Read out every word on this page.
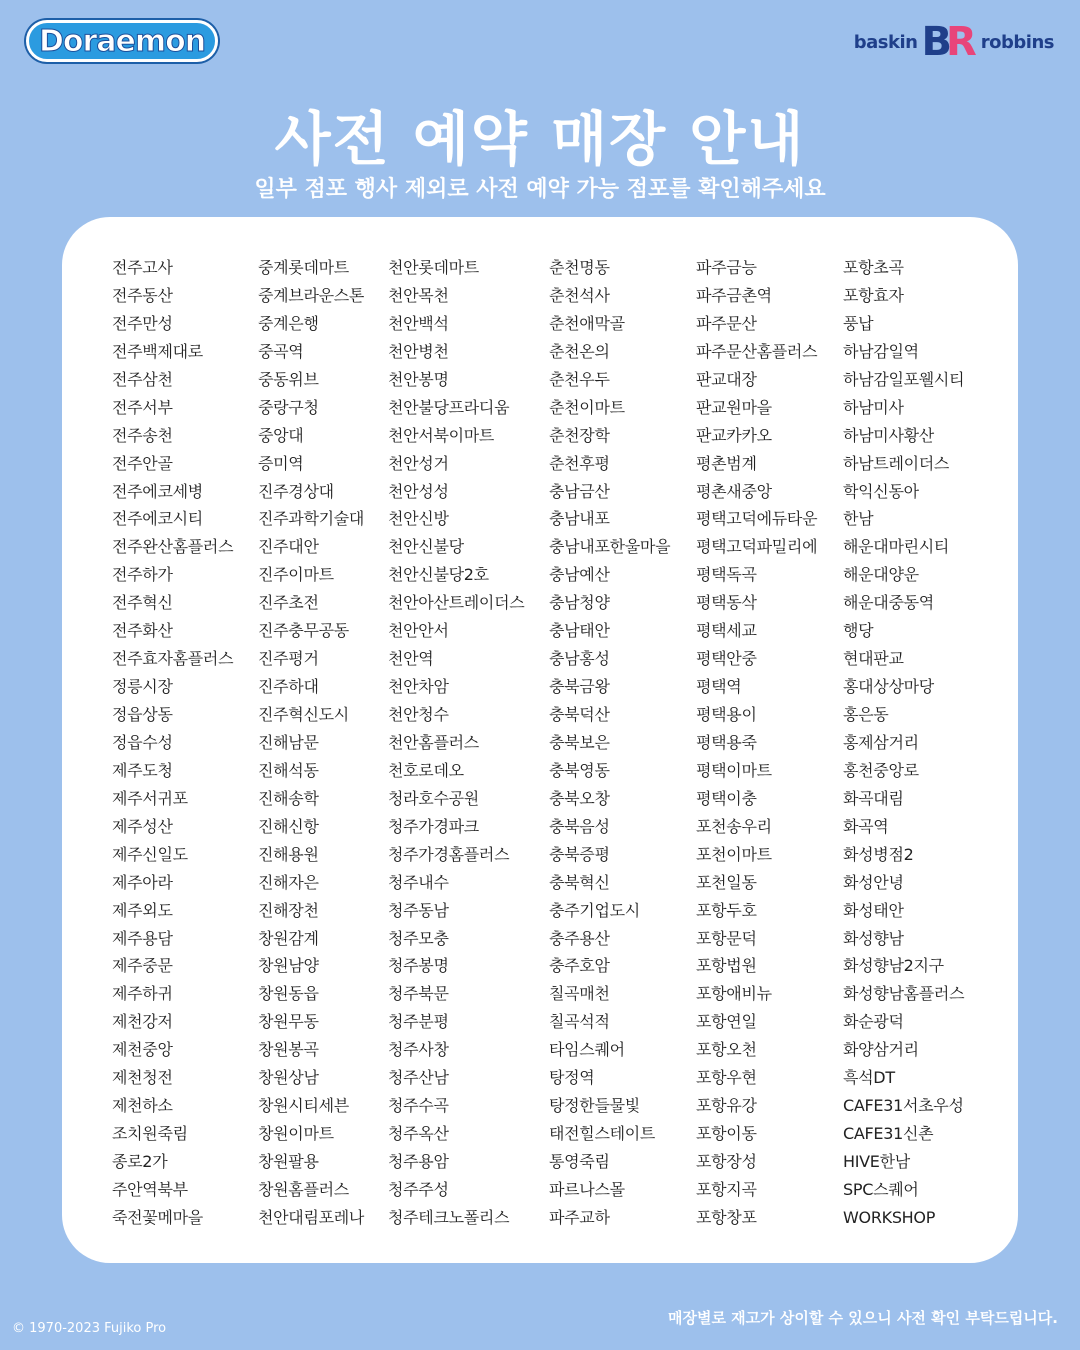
Doraemon	baskin BR robbins
사전 예약 매장 안내
일부 점포 행사 제외로 사전 예약 가능 점포를 확인해주세요
전주고사
전주동산
전주만성
전주백제대로
전주삼천
전주서부
전주송천
전주안골
전주에코세병
전주에코시티
전주완산홈플러스
전주하가
전주혁신
전주화산
전주효자홈플러스
정릉시장
정읍상동
정읍수성
제주도청
제주서귀포
제주성산
제주신일도
제주아라
제주외도
제주용담
제주중문
제주하귀
제천강저
제천중앙
제천청전
제천하소
조치원죽림
종로2가
주안역북부
죽전꽃메마을
중계롯데마트
중계브라운스톤
중계은행
중곡역
중동위브
중랑구청
중앙대
증미역
진주경상대
진주과학기술대
진주대안
진주이마트
진주초전
진주충무공동
진주평거
진주하대
진주혁신도시
진해남문
진해석동
진해송학
진해신항
진해용원
진해자은
진해장천
창원감계
창원남양
창원동읍
창원무동
창원봉곡
창원상남
창원시티세븐
창원이마트
창원팔용
창원홈플러스
천안대림포레나
천안롯데마트
천안목천
천안백석
천안병천
천안봉명
천안불당프라디움
천안서북이마트
천안성거
천안성성
천안신방
천안신불당
천안신불당2호
천안아산트레이더스
천안안서
천안역
천안차암
천안청수
천안홈플러스
천호로데오
청라호수공원
청주가경파크
청주가경홈플러스
청주내수
청주동남
청주모충
청주봉명
청주북문
청주분평
청주사창
청주산남
청주수곡
청주옥산
청주용암
청주주성
청주테크노폴리스
춘천명동
춘천석사
춘천애막골
춘천온의
춘천우두
춘천이마트
춘천장학
춘천후평
충남금산
충남내포
충남내포한울마을
충남예산
충남청양
충남태안
충남홍성
충북금왕
충북덕산
충북보은
충북영동
충북오창
충북음성
충북증평
충북혁신
충주기업도시
충주용산
충주호암
칠곡매천
칠곡석적
타임스퀘어
탕정역
탕정한들물빛
태전힐스테이트
통영죽림
파르나스몰
파주교하
파주금능
파주금촌역
파주문산
파주문산홈플러스
판교대장
판교원마을
판교카카오
평촌범계
평촌새중앙
평택고덕에듀타운
평택고덕파밀리에
평택독곡
평택동삭
평택세교
평택안중
평택역
평택용이
평택용죽
평택이마트
평택이충
포천송우리
포천이마트
포천일동
포항두호
포항문덕
포항법원
포항애비뉴
포항연일
포항오천
포항우현
포항유강
포항이동
포항장성
포항지곡
포항창포
포항초곡
포항효자
풍납
하남감일역
하남감일포웰시티
하남미사
하남미사황산
하남트레이더스
학익신동아
한남
해운대마린시티
해운대양운
해운대중동역
행당
현대판교
홍대상상마당
홍은동
홍제삼거리
홍천중앙로
화곡대림
화곡역
화성병점2
화성안녕
화성태안
화성향남
화성향남2지구
화성향남홈플러스
화순광덕
화양삼거리
흑석DT
CAFE31서초우성
CAFE31신촌
HIVE한남
SPC스퀘어
WORKSHOP
© 1970-2023 Fujiko Pro
매장별로 재고가 상이할 수 있으니 사전 확인 부탁드립니다.
